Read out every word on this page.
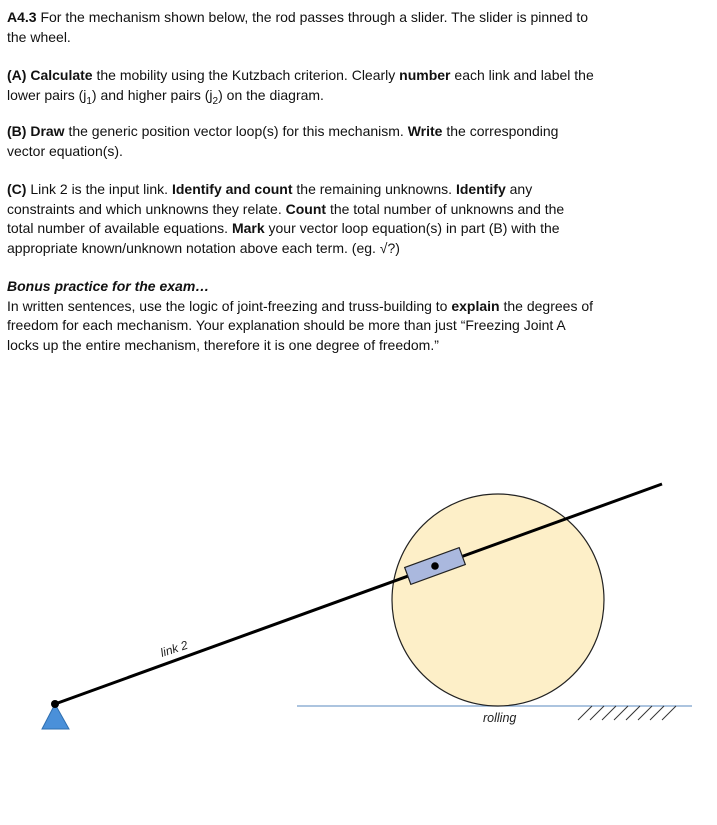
A4.3 For the mechanism shown below, the rod passes through a slider. The slider is pinned to
the wheel.

(A) Calculate the mobility using the Kutzbach criterion. Clearly number each link and label the
lower pairs $(j_1)$ and higher pairs $(j_2)$ on the diagram.

(B) Draw the generic position vector loop(s) for this mechanism. Write the corresponding
vector equation(s).

(C) Link 2 is the input link. Identify and count the remaining unknowns. Identify any
constraints and which unknowns they relate. Count the total number of unknowns and the
total number of available equations. Mark your vector loop equation(s) in part (B) with the
appropriate known/unknown notation above each term. (eg. √?)

Bonus practice for the exam…
In written sentences, use the logic of joint-freezing and truss-building to explain the degrees of
freedom for each mechanism. Your explanation should be more than just “Freezing Joint A
locks up the entire mechanism, therefore it is one degree of freedom.”

link 2
rolling
